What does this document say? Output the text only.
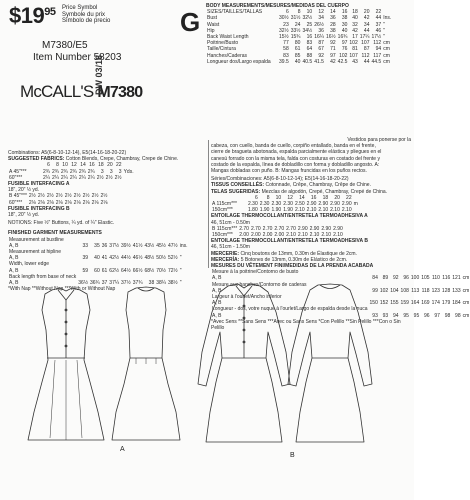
$\$19^{95}$ Price Symbol
Symbole du prix
Símbolo de precio
M7380/E5
Item Number 58203
McCALL'S M7380
DW 03/16
G
BODY MEASUREMENTS/MESURES/MEDIDAS DEL CUERPO
SIZES/TAILLES/TALLAS	6	8	10	12	14	16	18	20	22	
Bust	30½	31½	32½	34	36	38	40	42	44	Ins.
Waist	23	24	25	26½	28	30	32	34	37	"
Hip	32½	33½	34½	36	38	40	42	44	46	"
Back Waist Length	15½	15¾	16	16¼	16½	16¾	17	17¼	17½	"
Poitrine/Busto	77	80	83	87	92	97	102	107	112	cm
Taille/Cintura	58	61	64	67	71	76	81	87	94	cm
Hanches/Caderas	83	85	88	92	97	102	107	112	117	cm
Longueur dos/Largo espalda	39.5	40	40.5	41.5	42	42.5	43	44	44.5	cm
Combinations: A5(6-8-10-12-14), E5(14-16-18-20-22)
SUGGESTED FABRICS: Cotton Blends, Crepe, Chambray, Crepe de Chine.
	6	8	10	12	14	16	18	20	22	
A 45"***	2¾	2¾	2¾	2¾	2¾	2¾	3	3	3	Yds.
60"***	2¼	2¼	2¼	2¼	2¼	2¼	2½	2½	2½	
FUSIBLE INTERFACING A
18", 20" ½ yd.
B 45"***	2½	2½	2½	2½	2½	2½	2½	2½	2½	
60"***	2⅛	2⅛	2⅛	2⅛	2⅛	2⅛	2⅛	2⅛	2⅛	
FUSIBLE INTERFACING B
18", 20" ½ yd.
NOTIONS: Five ½" Buttons, ¼ yd. of ¼" Elastic.
FINISHED GARMENT MEASUREMENTS
Measurement at bustline										
A, B	33	35	36	37½	39½	41½	43½	45½	47½	ins.
Measurement at hipline										
A, B	39	40	41	42½	44½	46½	48½	50½	52½	"
Width, lower edge										
A, B	59	60	61	62½	64½	66½	68½	70½	72½	"
Back length from base of neck										
A, B	36½	36¾	37	37¼	37½	37¾	38	38¼	38½	"
*With Nap **Without Nap ***With or Without Nap
Vestidos para ponerse por la
cabeza, con cuello, banda de cuello, corpiño entallado, banda en el frente,
cierre de bragueta abotonada, espalda parcialmente elástica y pliegues en el
canesú forrado con la misma tela, falda con costuras en costado del frente y
costado de la espalda, línea de dobladillo con forma y dobladillo angosto. A:
Mangas dobladas con puño. B: Mangas fruncidas en los puños rectos.
Séries/Combinaciones: A5(6-8-10-12-14); E5(14-16-18-20-22)
TISSUS CONSEILLÉS: Cotonnade, Crêpe, Chambray, Crêpe de Chine.
TELAS SUGERIDAS: Mezclas de algodón, Crepé, Chambray, Crepé de China.
	6	8	10	12	14	16	18	20	22	
A 115cm***	2.30	2.30	2.30	2.30	2.50	2.90	2.90	2.90	2.90	m
150cm***	1.80	1.90	1.90	1.90	2.10	2.10	2.10	2.10	2.10	
ENTOILAGE THERMOCOLLANT/ENTRETELA TERMOADHESIVA A
46, 51cm - 0.50m
B 115cm***	2.70	2.70	2.70	2.70	2.70	2.90	2.90	2.90	2.90	
150cm***	2.00	2.00	2.00	2.00	2.10	2.10	2.10	2.10	2.10	
ENTOILAGE THERMOCOLLANT/ENTRETELA TERMOADHESIVA B
46, 51cm - 1.50m
MERCERIE: Cinq boutons de 13mm, 0.30m de Élastique de 2cm.
MERCERÍA: 5 Botones de 13mm, 0.30m de Elástico de 2cm.
MESURES DU VÊTEMENT FINI/MEDIDAS DE LA PRENDA ACABADA
Mesure à la poitrine/Contorno de busto										
A, B	84	89	92	96	100	105	110	116	121	cm
Mesure aux hanches/Contorno de caderas										
A, B	99	102	104	108	113	118	123	128	133	cm
Largeur à l'ourlet/Ancho inferior										
A, B	150	152	155	159	164	169	174	179	184	cm
Longueur - dos, votre nuque à l'ourlet/Largo de espalda desde la nuca										
A, B	93	93	94	95	95	96	97	98	98	cm
*Avec Sens **Sans Sens ***Avec ou Sans Sens *Con Pelillo **Sin Pelillo ***Con o Sin Pelillo
A
B
